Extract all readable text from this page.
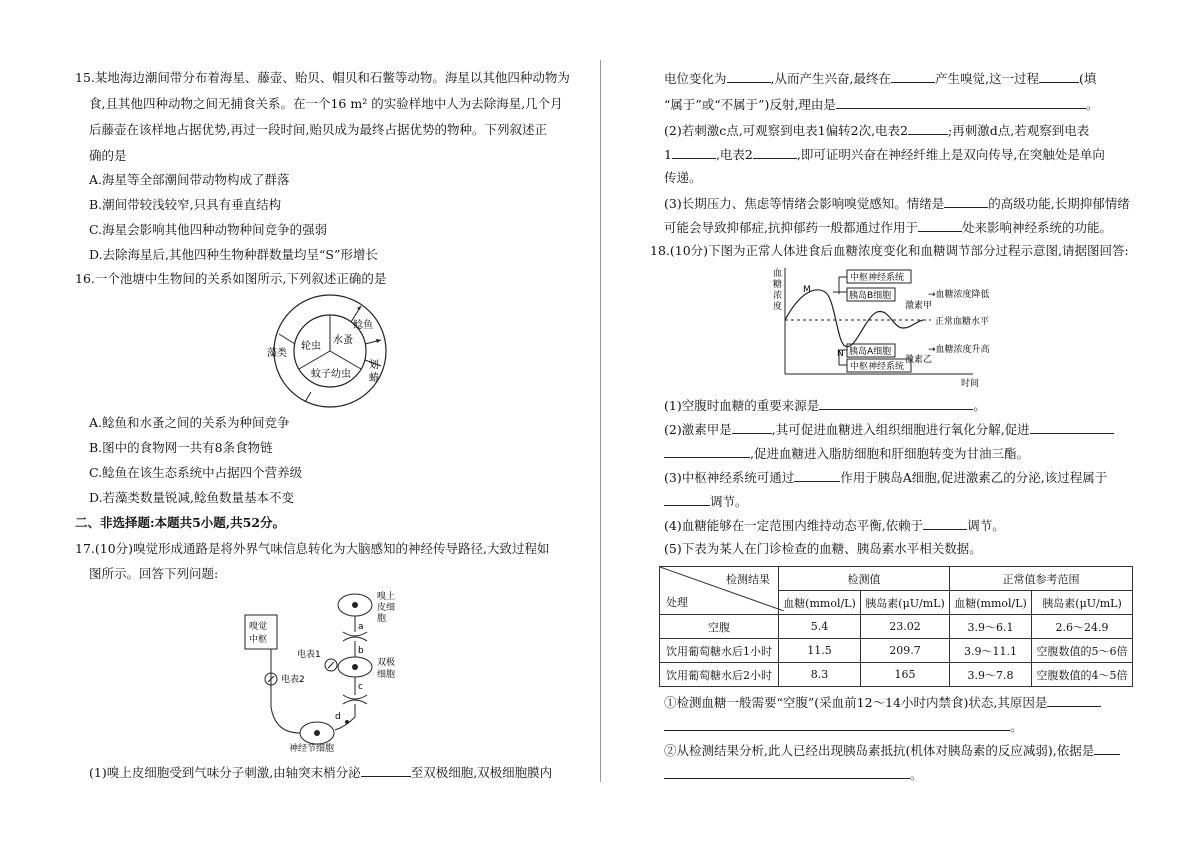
15.某地海边潮间带分布着海星、藤壶、贻贝、帽贝和石鳖等动物。海星以其他四种动物为
食,且其他四种动物之间无捕食关系。在一个16 m² 的实验样地中人为去除海星,几个月
后藤壶在该样地占据优势,再过一段时间,贻贝成为最终占据优势的物种。下列叙述正
确的是
A.海星等全部潮间带动物构成了群落
B.潮间带较浅较窄,只具有垂直结构
C.海星会影响其他四种动物种间竞争的强弱
D.去除海星后,其他四种生物种群数量均呈“S”形增长
16.一个池塘中生物间的关系如图所示,下列叙述正确的是
轮虫
水蚤
蚊子幼虫
藻类
鲶鱼
划
蝽
A.鲶鱼和水蚤之间的关系为种间竞争
B.图中的食物网一共有8条食物链
C.鲶鱼在该生态系统中占据四个营养级
D.若藻类数量锐减,鲶鱼数量基本不变
二、非选择题:本题共5小题,共52分。
17.(10分)嗅觉形成通路是将外界气味信息转化为大脑感知的神经传导路径,大致过程如
图所示。回答下列问题:
嗅觉
中枢
嗅上
皮细
胞
a
b
双极
细胞
电表1
c
d
神经节细胞
电表2
(1)嗅上皮细胞受到气味分子刺激,由轴突末梢分泌	至双极细胞,双极细胞膜内
电位变化为	,从而产生兴奋,最终在	产生嗅觉,这一过程	(填
“属于”或“不属于”)反射,理由是	。
(2)若刺激c点,可观察到电表1偏转2次,电表2	;再刺激d点,若观察到电表
1	,电表2	,即可证明兴奋在神经纤维上是双向传导,在突触处是单向
传递。
(3)长期压力、焦虑等情绪会影响嗅觉感知。情绪是	的高级功能,长期抑郁情绪
可能会导致抑郁症,抗抑郁药一般都通过作用于	处来影响神经系统的功能。
18.(10分)下图为正常人体进食后血糖浓度变化和血糖调节部分过程示意图,请据图回答:
血
糖
浓
度
时间
M
N
中枢神经系统
胰岛B细胞
激素甲
→血糖浓度降低
正常血糖水平
胰岛A细胞
激素乙
→血糖浓度升高
中枢神经系统
(1)空腹时血糖的重要来源是	。
(2)激素甲是	,其可促进血糖进入组织细胞进行氧化分解,促进
,促进血糖进入脂肪细胞和肝细胞转变为甘油三酯。
(3)中枢神经系统可通过	作用于胰岛A细胞,促进激素乙的分泌,该过程属于
调节。
(4)血糖能够在一定范围内维持动态平衡,依赖于	调节。
(5)下表为某人在门诊检查的血糖、胰岛素水平相关数据。
检测结果
处理	检测值		正常值参考范围	
	血糖(mmol/L)	胰岛素(μU/mL)	血糖(mmol/L)	胰岛素(μU/mL)
空腹	5.4	23.02	3.9～6.1	2.6～24.9
饮用葡萄糖水后1小时	11.5	209.7	3.9～11.1	空腹数值的5～6倍
饮用葡萄糖水后2小时	8.3	165	3.9～7.8	空腹数值的4～5倍
①检测血糖一般需要“空腹”(采血前12～14小时内禁食)状态,其原因是
。
②从检测结果分析,此人已经出现胰岛素抵抗(机体对胰岛素的反应减弱),依据是
。
